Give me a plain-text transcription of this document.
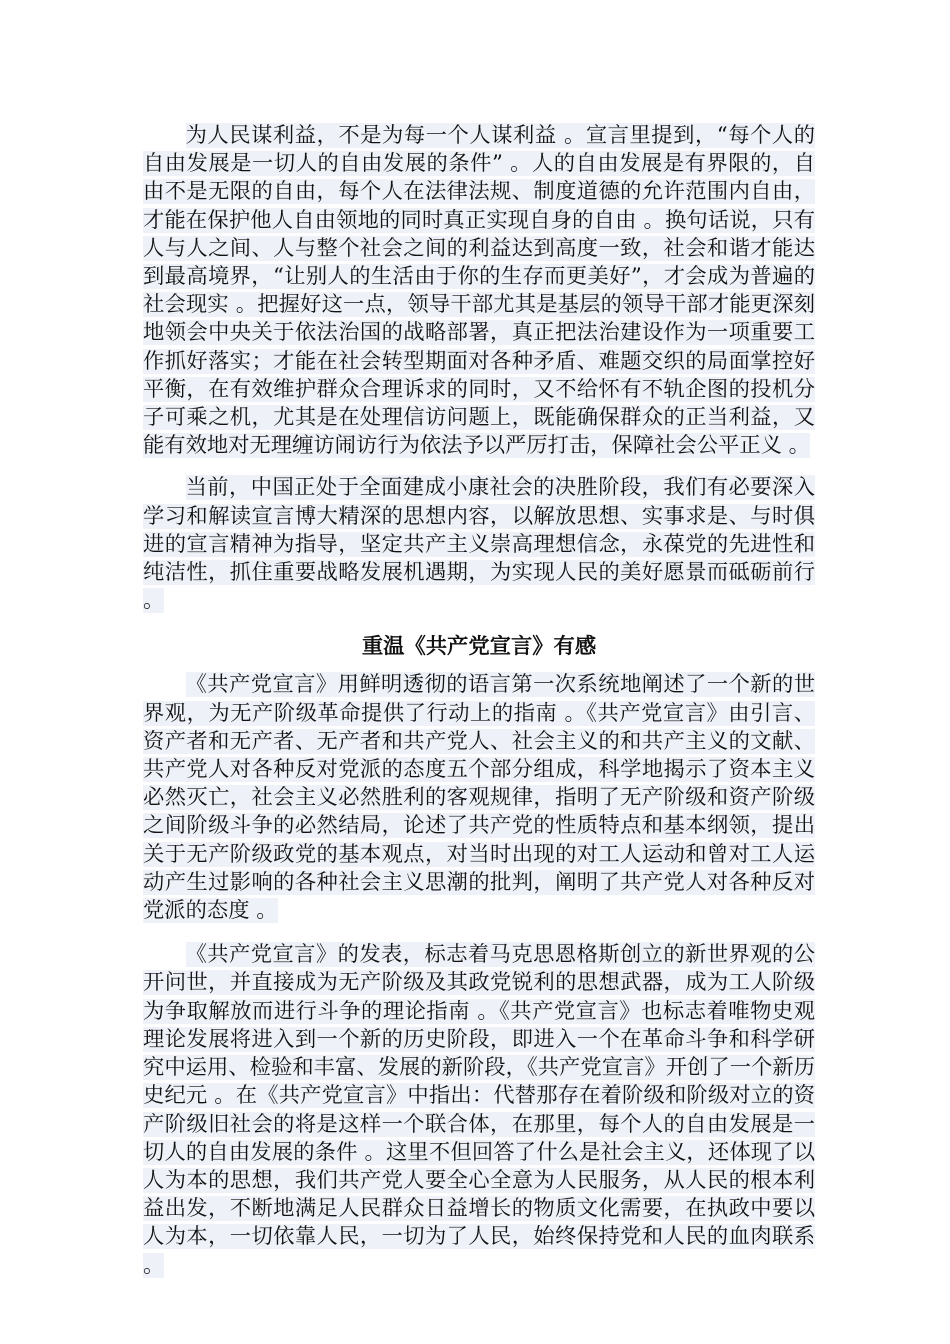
为人民谋利益，不是为每一个人谋利益 。宣言里提到，“每个人的自由发展是一切人的自由发展的条件” 。人的自由发展是有界限的，自由不是无限的自由，每个人在法律法规、制度道德的允许范围内自由，才能在保护他人自由领地的同时真正实现自身的自由 。换句话说，只有人与人之间、人与整个社会之间的利益达到高度一致，社会和谐才能达到最高境界，“让别人的生活由于你的生存而更美好”，才会成为普遍的社会现实 。把握好这一点，领导干部尤其是基层的领导干部才能更深刻地领会中央关于依法治国的战略部署，真正把法治建设作为一项重要工作抓好落实；才能在社会转型期面对各种矛盾、难题交织的局面掌控好平衡，在有效维护群众合理诉求的同时，又不给怀有不轨企图的投机分子可乘之机，尤其是在处理信访问题上，既能确保群众的正当利益，又能有效地对无理缠访闹访行为依法予以严厉打击，保障社会公平正义 。

当前，中国正处于全面建成小康社会的决胜阶段，我们有必要深入学习和解读宣言博大精深的思想内容，以解放思想、实事求是、与时俱进的宣言精神为指导，坚定共产主义崇高理想信念，永葆党的先进性和纯洁性，抓住重要战略发展机遇期，为实现人民的美好愿景而砥砺前行 。

重温《共产党宣言》有感

《共产党宣言》用鲜明透彻的语言第一次系统地阐述了一个新的世界观，为无产阶级革命提供了行动上的指南 。《共产党宣言》由引言、资产者和无产者、无产者和共产党人、社会主义的和共产主义的文献、共产党人对各种反对党派的态度五个部分组成，科学地揭示了资本主义必然灭亡，社会主义必然胜利的客观规律，指明了无产阶级和资产阶级之间阶级斗争的必然结局，论述了共产党的性质特点和基本纲领，提出关于无产阶级政党的基本观点，对当时出现的对工人运动和曾对工人运动产生过影响的各种社会主义思潮的批判，阐明了共产党人对各种反对党派的态度 。

《共产党宣言》的发表，标志着马克思恩格斯创立的新世界观的公开问世，并直接成为无产阶级及其政党锐利的思想武器，成为工人阶级为争取解放而进行斗争的理论指南 。《共产党宣言》也标志着唯物史观理论发展将进入到一个新的历史阶段，即进入一个在革命斗争和科学研究中运用、检验和丰富、发展的新阶段，《共产党宣言》开创了一个新历史纪元 。在《共产党宣言》中指出：代替那存在着阶级和阶级对立的资产阶级旧社会的将是这样一个联合体，在那里，每个人的自由发展是一切人的自由发展的条件 。这里不但回答了什么是社会主义，还体现了以人为本的思想，我们共产党人要全心全意为人民服务，从人民的根本利益出发，不断地满足人民群众日益增长的物质文化需要，在执政中要以人为本，一切依靠人民，一切为了人民，始终保持党和人民的血肉联系 。
